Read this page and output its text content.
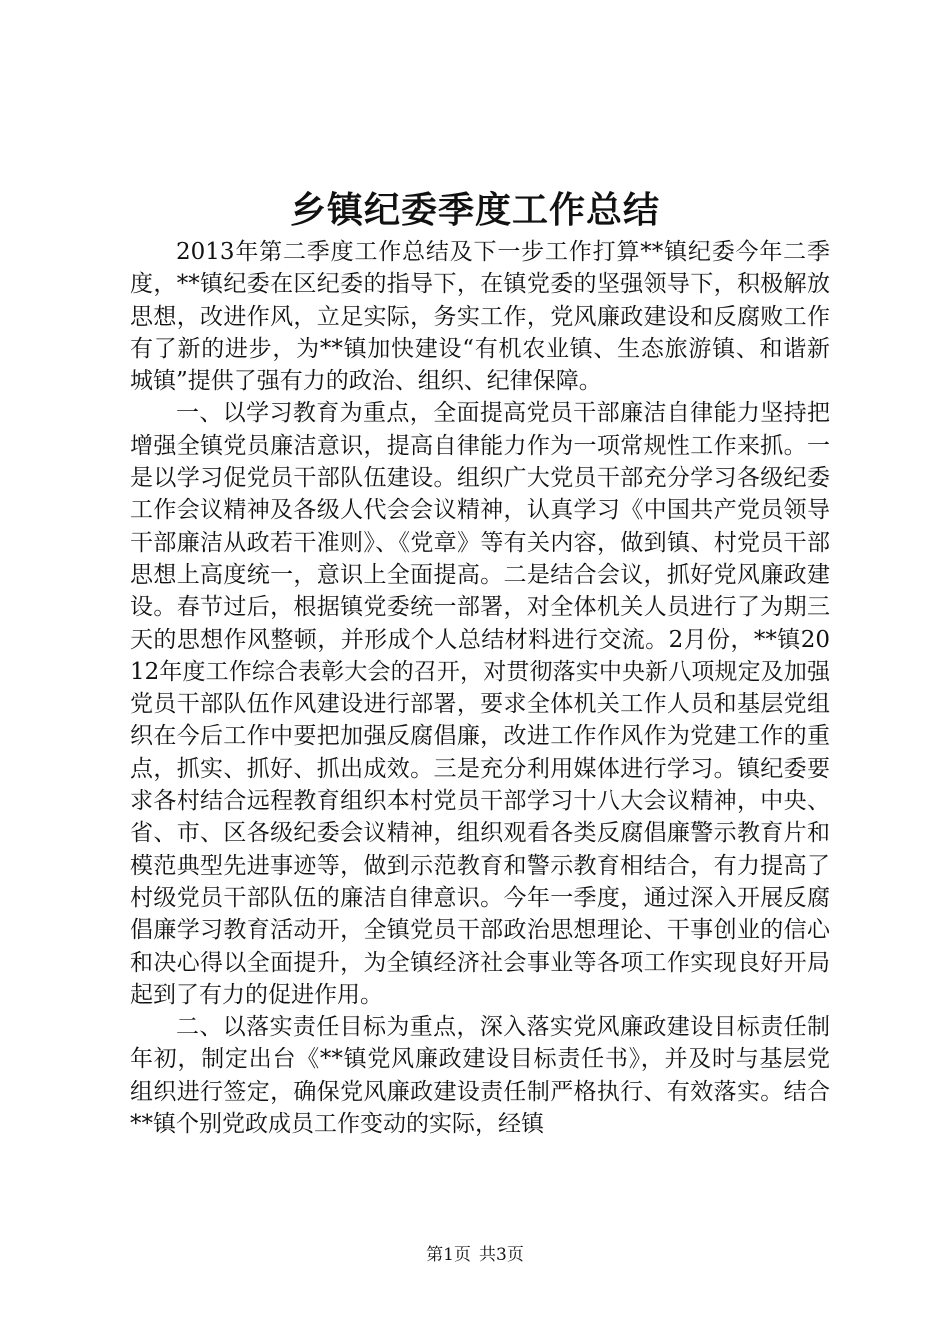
乡镇纪委季度工作总结

2013年第二季度工作总结及下一步工作打算**镇纪委今年二季度，**镇纪委在区纪委的指导下，在镇党委的坚强领导下，积极解放思想，改进作风，立足实际，务实工作，党风廉政建设和反腐败工作有了新的进步，为**镇加快建设“有机农业镇、生态旅游镇、和谐新城镇”提供了强有力的政治、组织、纪律保障。

一、以学习教育为重点，全面提高党员干部廉洁自律能力坚持把增强全镇党员廉洁意识，提高自律能力作为一项常规性工作来抓。一是以学习促党员干部队伍建设。组织广大党员干部充分学习各级纪委工作会议精神及各级人代会会议精神，认真学习《中国共产党员领导干部廉洁从政若干准则》、《党章》等有关内容，做到镇、村党员干部思想上高度统一，意识上全面提高。二是结合会议，抓好党风廉政建设。春节过后，根据镇党委统一部署，对全体机关人员进行了为期三天的思想作风整顿，并形成个人总结材料进行交流。2月份，**镇2012年度工作综合表彰大会的召开，对贯彻落实中央新八项规定及加强党员干部队伍作风建设进行部署，要求全体机关工作人员和基层党组织在今后工作中要把加强反腐倡廉，改进工作作风作为党建工作的重点，抓实、抓好、抓出成效。三是充分利用媒体进行学习。镇纪委要求各村结合远程教育组织本村党员干部学习十八大会议精神，中央、省、市、区各级纪委会议精神，组织观看各类反腐倡廉警示教育片和模范典型先进事迹等，做到示范教育和警示教育相结合，有力提高了村级党员干部队伍的廉洁自律意识。今年一季度，通过深入开展反腐倡廉学习教育活动开，全镇党员干部政治思想理论、干事创业的信心和决心得以全面提升，为全镇经济社会事业等各项工作实现良好开局起到了有力的促进作用。

二、以落实责任目标为重点，深入落实党风廉政建设目标责任制年初，制定出台《**镇党风廉政建设目标责任书》，并及时与基层党组织进行签定，确保党风廉政建设责任制严格执行、有效落实。结合**镇个别党政成员工作变动的实际，经镇

第1页 共3页
